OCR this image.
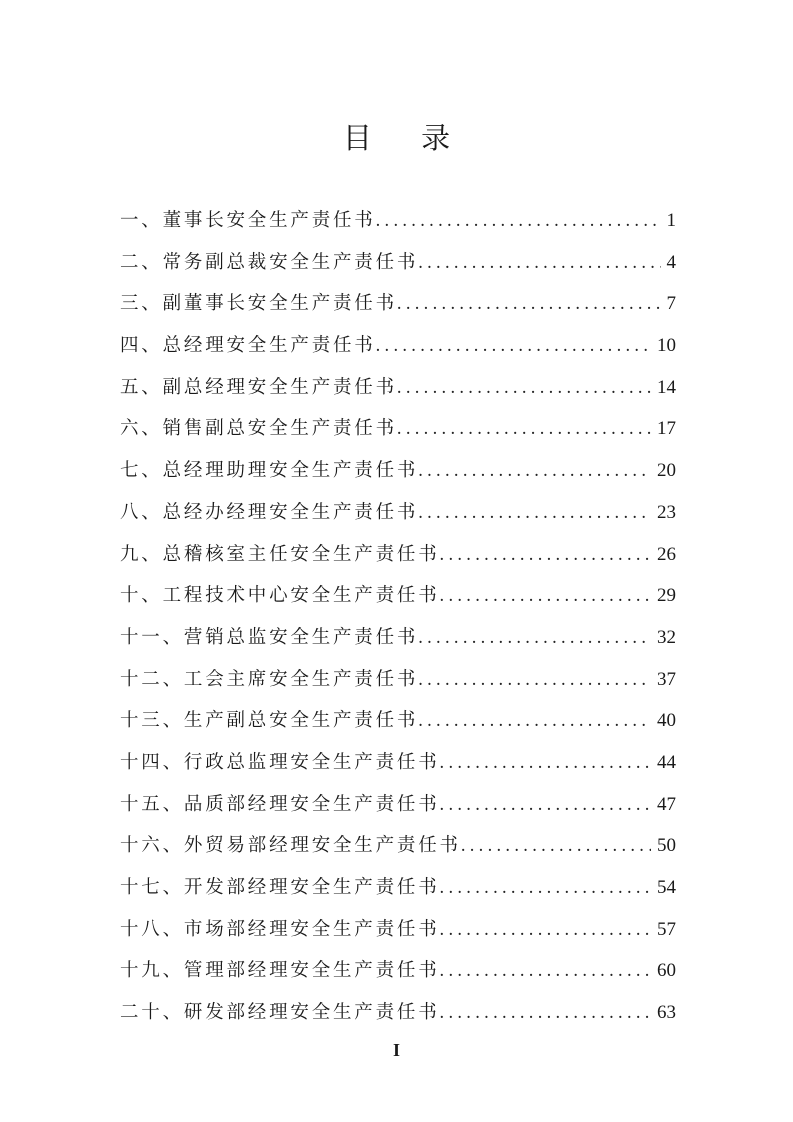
目 录
一、董事长安全生产责任书 .....	1
二、常务副总裁安全生产责任书 .....	4
三、副董事长安全生产责任书 .....	7
四、总经理安全生产责任书 .....	10
五、副总经理安全生产责任书 .....	14
六、销售副总安全生产责任书 .....	17
七、总经理助理安全生产责任书 .....	20
八、总经办经理安全生产责任书 .....	23
九、总稽核室主任安全生产责任书 .....	26
十、工程技术中心安全生产责任书 .....	29
十一、营销总监安全生产责任书 .....	32
十二、工会主席安全生产责任书 .....	37
十三、生产副总安全生产责任书 .....	40
十四、行政总监理安全生产责任书 .....	44
十五、品质部经理安全生产责任书 .....	47
十六、外贸易部经理安全生产责任书 .....	50
十七、开发部经理安全生产责任书 .....	54
十八、市场部经理安全生产责任书 .....	57
十九、管理部经理安全生产责任书 .....	60
二十、研发部经理安全生产责任书 .....	63
I
